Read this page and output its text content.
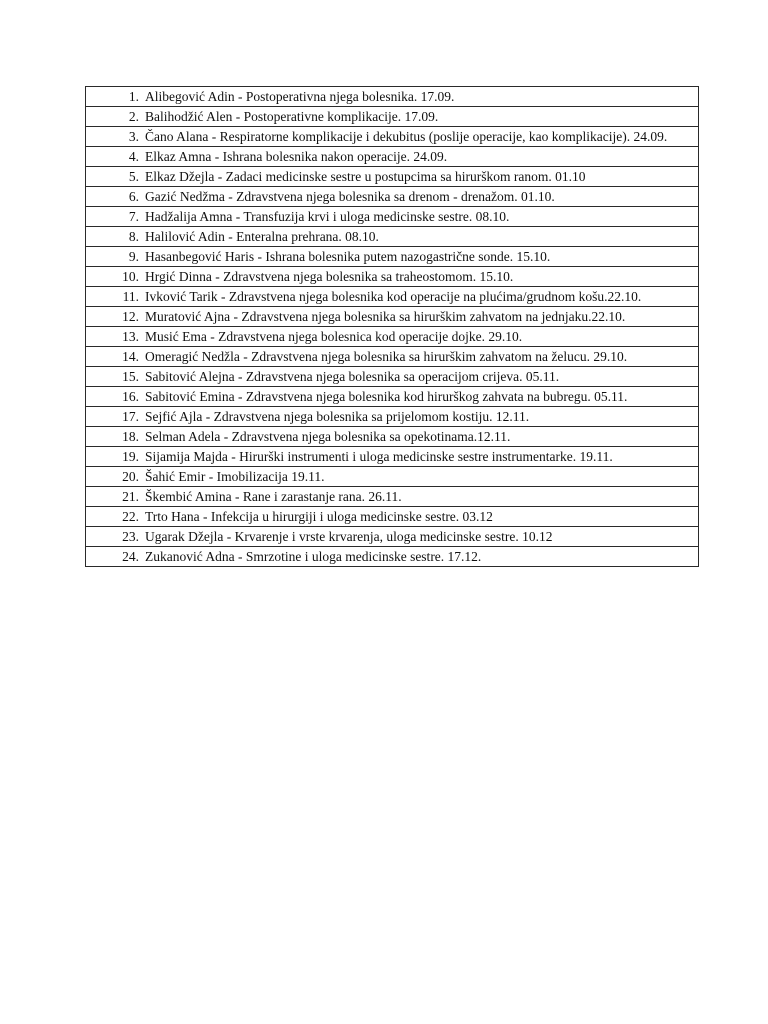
1. Alibegović Adin - Postoperativna njega bolesnika. 17.09.

2. Balihodžić Alen - Postoperativne komplikacije. 17.09.

3. Čano Alana - Respiratorne komplikacije i dekubitus (poslije operacije, kao komplikacije). 24.09.

4. Elkaz Amna - Ishrana bolesnika nakon operacije. 24.09.

5. Elkaz Džejla - Zadaci medicinske sestre u postupcima sa hirurškom ranom. 01.10

6. Gazić Nedžma - Zdravstvena njega bolesnika sa drenom - drenažom. 01.10.

7. Hadžalija Amna - Transfuzija krvi i uloga medicinske sestre. 08.10.

8. Halilović Adin - Enteralna prehrana. 08.10.

9. Hasanbegović Haris - Ishrana bolesnika putem nazogastrične sonde. 15.10.

10. Hrgić Dinna - Zdravstvena njega bolesnika sa traheostomom. 15.10.

11. Ivković Tarik - Zdravstvena njega bolesnika kod operacije na plućima/grudnom košu.22.10.

12. Muratović Ajna - Zdravstvena njega bolesnika sa hirurškim zahvatom na jednjaku.22.10.

13. Musić Ema - Zdravstvena njega bolesnica kod operacije dojke. 29.10.

14. Omeragić Nedžla - Zdravstvena njega bolesnika sa hirurškim zahvatom na želucu. 29.10.

15. Sabitović Alejna - Zdravstvena njega bolesnika sa operacijom crijeva. 05.11.

16. Sabitović Emina - Zdravstvena njega bolesnika kod hirurškog zahvata na bubregu. 05.11.

17. Sejfić Ajla - Zdravstvena njega bolesnika sa prijelomom kostiju. 12.11.

18. Selman Adela - Zdravstvena njega bolesnika sa opekotinama.12.11.

19. Sijamija Majda - Hirurški instrumenti i uloga medicinske sestre instrumentarke. 19.11.

20. Šahić Emir - Imobilizacija 19.11.

21. Škembić Amina - Rane i zarastanje rana. 26.11.

22. Trto Hana - Infekcija u hirurgiji i uloga medicinske sestre. 03.12

23. Ugarak Džejla - Krvarenje i vrste krvarenja, uloga medicinske sestre. 10.12

24. Zukanović Adna - Smrzotine i uloga medicinske sestre. 17.12.
